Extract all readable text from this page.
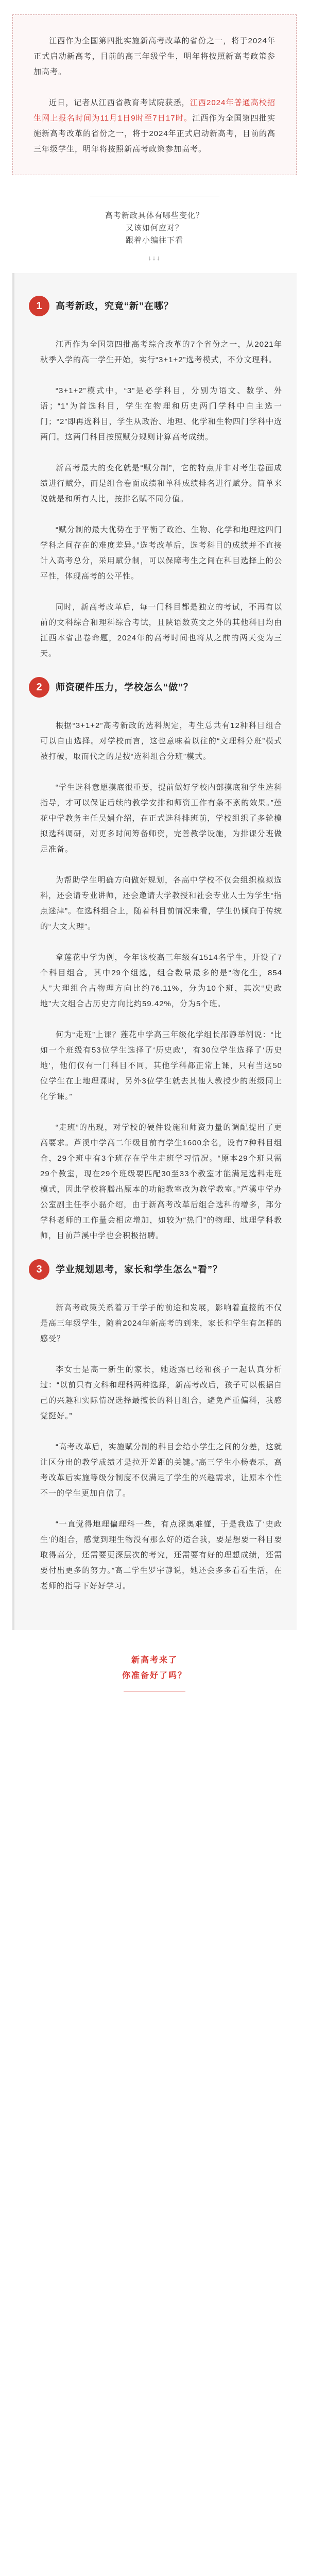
江西作为全国第四批实施新高考改革的省份之一，将于2024年正式启动新高考，目前的高三年级学生，明年将按照新高考政策参加高考。

近日，记者从江西省教育考试院获悉，江西2024年普通高校招生网上报名时间为11月1日9时至7日17时。江西作为全国第四批实施新高考改革的省份之一，将于2024年正式启动新高考，目前的高三年级学生，明年将按照新高考政策参加高考。

高考新政具体有哪些变化？
又该如何应对？
跟着小编往下看
↓↓↓
1	高考新政，究竟“新”在哪？

江西作为全国第四批高考综合改革的7个省份之一，从2021年秋季入学的高一学生开始，实行“3+1+2”选考模式，不分文理科。

“3+1+2”模式中，“3”是必学科目，分别为语文、数学、外语；“1”为首选科目，学生在物理和历史两门学科中自主选一门；“2”即再选科目，学生从政治、地理、化学和生物四门学科中选两门。这两门科目按照赋分规则计算高考成绩。

新高考最大的变化就是“赋分制”，它的特点并非对考生卷面成绩进行赋分，而是组合卷面成绩和单科成绩排名进行赋分。简单来说就是和所有人比，按排名赋不同分值。

“赋分制的最大优势在于平衡了政治、生物、化学和地理这四门学科之间存在的难度差异。”选考改革后，选考科目的成绩并不直接计入高考总分，采用赋分制，可以保障考生之间在科目选择上的公平性，体现高考的公平性。

同时，新高考改革后，每一门科目都是独立的考试，不再有以前的文科综合和理科综合考试，且陕语数英文之外的其他科目均由江西本省出卷命题，2024年的高考时间也将从之前的两天变为三天。

2	师资硬件压力，学校怎么“做”？

根据“3+1+2”高考新政的选科规定，考生总共有12种科目组合可以自由选择。对学校而言，这也意味着以往的“文理科分班”模式被打破，取而代之的是按“选科组合分班”模式。

“学生选科意愿摸底很重要，提前做好学校内部摸底和学生选科指导，才可以保证后续的教学安排和师资工作有条不紊的效果。”莲花中学教务主任吴娟介绍，在正式选科排班前，学校组织了多轮模拟选科调研，对更多时间筹备师资，完善教学设施，为排课分班做足准备。

为帮助学生明确方向做好规划，各高中学校不仅会组织模拟选科，还会请专业讲师，还会邀请大学教授和社会专业人士为学生“指点迷津”。在选科组合上，随着科目前情况来看，学生仍倾向于传统的“大文大理”。

拿莲花中学为例，今年该校高三年级有1514名学生，开设了7个科目组合，其中29个组选，组合数量最多的是“物化生，854人”大理组合占物理方向比约76.11%，分为10个班，其次“史政地”大文组合占历史方向比约59.42%，分为5个班。

何为“走班”上课？莲花中学高三年级化学组长邵静举例说：“比如一个班级有53位学生选择了‘历史政’，有30位学生选择了‘历史地’，他们仅有一门科目不同，其他学科都正常上课，只有当这50位学生在上地理课时，另外3位学生就去其他人教授少的班级同上化学课。”

“走班”的出现，对学校的硬件设施和师资力量的调配提出了更高要求。芦溪中学高二年级目前有学生1600余名，设有7种科目组合，29个班中有3个班存在学生走班学习情况。“原本29个班只需29个教室，现在29个班级要匹配30至33个教室才能满足选科走班模式，因此学校将腾出原本的功能教室改为教学教室。”芦溪中学办公室副主任李小磊介绍，由于新高考改革后组合选科的增多，部分学科老师的工作量会相应增加，如较为“热门”的物理、地理学科教师，目前芦溪中学也会积极招聘。

3	学业规划思考，家长和学生怎么“看”？

新高考政策关系着万千学子的前途和发展，影响着直接的不仅是高三年级学生，随着2024年新高考的到来，家长和学生有怎样的感受？

李女士是高一新生的家长，她透露已经和孩子一起认真分析过：“以前只有文科和理科两种选择，新高考改后，孩子可以根据自己的兴趣和实际情况选择最擅长的科目组合，避免严重偏科，我感觉挺好。”

“高考改革后，实施赋分制的科目会给小学生之间的分差，这就让区分出的教学成绩才是拉开差距的关键。”高三学生小杨表示，高考改革后实施等级分制度不仅满足了学生的兴趣需求，让原本个性不一的学生更加自信了。

“一直觉得地理偏理科一些，有点深奥难懂，于是我选了‘史政生’的组合，感觉到理生物没有那么好的适合我，要是想要一科目要取得高分，还需要更深层次的考究，还需要有好的理想成绩，还需要付出更多的努力。”高二学生罗宇静说，她还会多多看看生活，在老师的指导下好好学习。

新高考来了
你准备好了吗？
